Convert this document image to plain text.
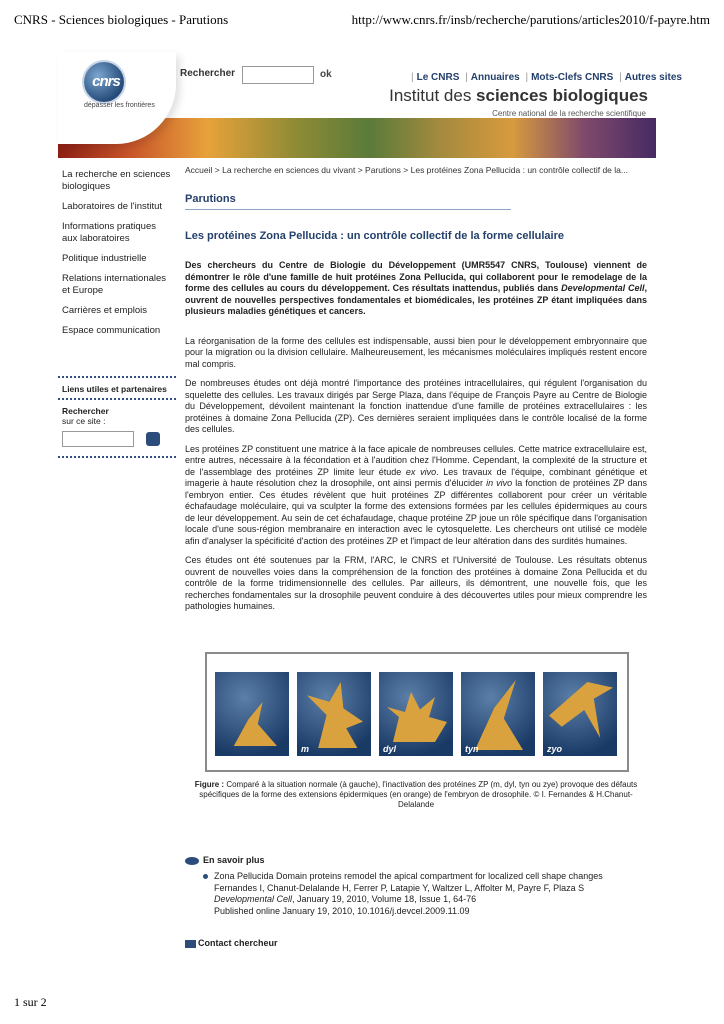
CNRS - Sciences biologiques - Parutions	http://www.cnrs.fr/insb/recherche/parutions/articles2010/f-payre.htm
cnrs
dépasser les frontières
Rechercher	ok	| Le CNRS | Annuaires | Mots-Clefs CNRS | Autres sites
Institut des sciences biologiques
Centre national de la recherche scientifique
La recherche en sciences biologiques
Laboratoires de l'institut
Informations pratiques aux laboratoires
Politique industrielle
Relations internationales et Europe
Carrières et emplois
Espace communication
Liens utiles et partenaires
Rechercher
sur ce site :
Accueil > La recherche en sciences du vivant > Parutions > Les protéines Zona Pellucida : un contrôle collectif de la...
Parutions
Les protéines Zona Pellucida : un contrôle collectif de la forme cellulaire
Des chercheurs du Centre de Biologie du Développement (UMR5547 CNRS, Toulouse) viennent de démontrer le rôle d'une famille de huit protéines Zona Pellucida, qui collaborent pour le remodelage de la forme des cellules au cours du développement. Ces résultats inattendus, publiés dans Developmental Cell, ouvrent de nouvelles perspectives fondamentales et biomédicales, les protéines ZP étant impliquées dans plusieurs maladies génétiques et cancers.
La réorganisation de la forme des cellules est indispensable, aussi bien pour le développement embryonnaire que pour la migration ou la division cellulaire. Malheureusement, les mécanismes moléculaires impliqués restent encore mal compris.
De nombreuses études ont déjà montré l'importance des protéines intracellulaires, qui régulent l'organisation du squelette des cellules. Les travaux dirigés par Serge Plaza, dans l'équipe de François Payre au Centre de Biologie du Développement, dévoilent maintenant la fonction inattendue d'une famille de protéines extracellulaires : les protéines à domaine Zona Pellucida (ZP). Ces dernières seraient impliquées dans le contrôle localisé de la forme des cellules.
Les protéines ZP constituent une matrice à la face apicale de nombreuses cellules. Cette matrice extracellulaire est, entre autres, nécessaire à la fécondation et à l'audition chez l'Homme. Cependant, la complexité de la structure et de l'assemblage des protéines ZP limite leur étude ex vivo. Les travaux de l'équipe, combinant génétique et imagerie à haute résolution chez la drosophile, ont ainsi permis d'élucider in vivo la fonction de protéines ZP dans l'embryon entier. Ces études révèlent que huit protéines ZP différentes collaborent pour créer un véritable échafaudage moléculaire, qui va sculpter la forme des extensions formées par les cellules épidermiques au cours de leur développement. Au sein de cet échafaudage, chaque protéine ZP joue un rôle spécifique dans l'organisation locale d'une sous-région membranaire en interaction avec le cytosquelette. Les chercheurs ont utilisé ce modèle afin d'analyser la spécificité d'action des protéines ZP et l'impact de leur altération dans des surdités humaines.
Ces études ont été soutenues par la FRM, l'ARC, le CNRS et l'Université de Toulouse. Les résultats obtenus ouvrent de nouvelles voies dans la compréhension de la fonction des protéines à domaine Zona Pellucida et du contrôle de la forme tridimensionnelle des cellules. Par ailleurs, ils démontrent, une nouvelle fois, que les recherches fondamentales sur la drosophile peuvent conduire à des découvertes utiles pour mieux comprendre les pathologies humaines.
m	dyl	tyn	zyo
Figure : Comparé à la situation normale (à gauche), l'inactivation des protéines ZP (m, dyl, tyn ou zye) provoque des défauts spécifiques de la forme des extensions épidermiques (en orange) de l'embryon de drosophile. © I. Fernandes & H.Chanut-Delalande
En savoir plus
Zona Pellucida Domain proteins remodel the apical compartment for localized cell shape changes
Fernandes I, Chanut-Delalande H, Ferrer P, Latapie Y, Waltzer L, Affolter M, Payre F, Plaza S
Developmental Cell, January 19, 2010, Volume 18, Issue 1, 64-76
Published online January 19, 2010, 10.1016/j.devcel.2009.11.09
Contact chercheur
1 sur 2
